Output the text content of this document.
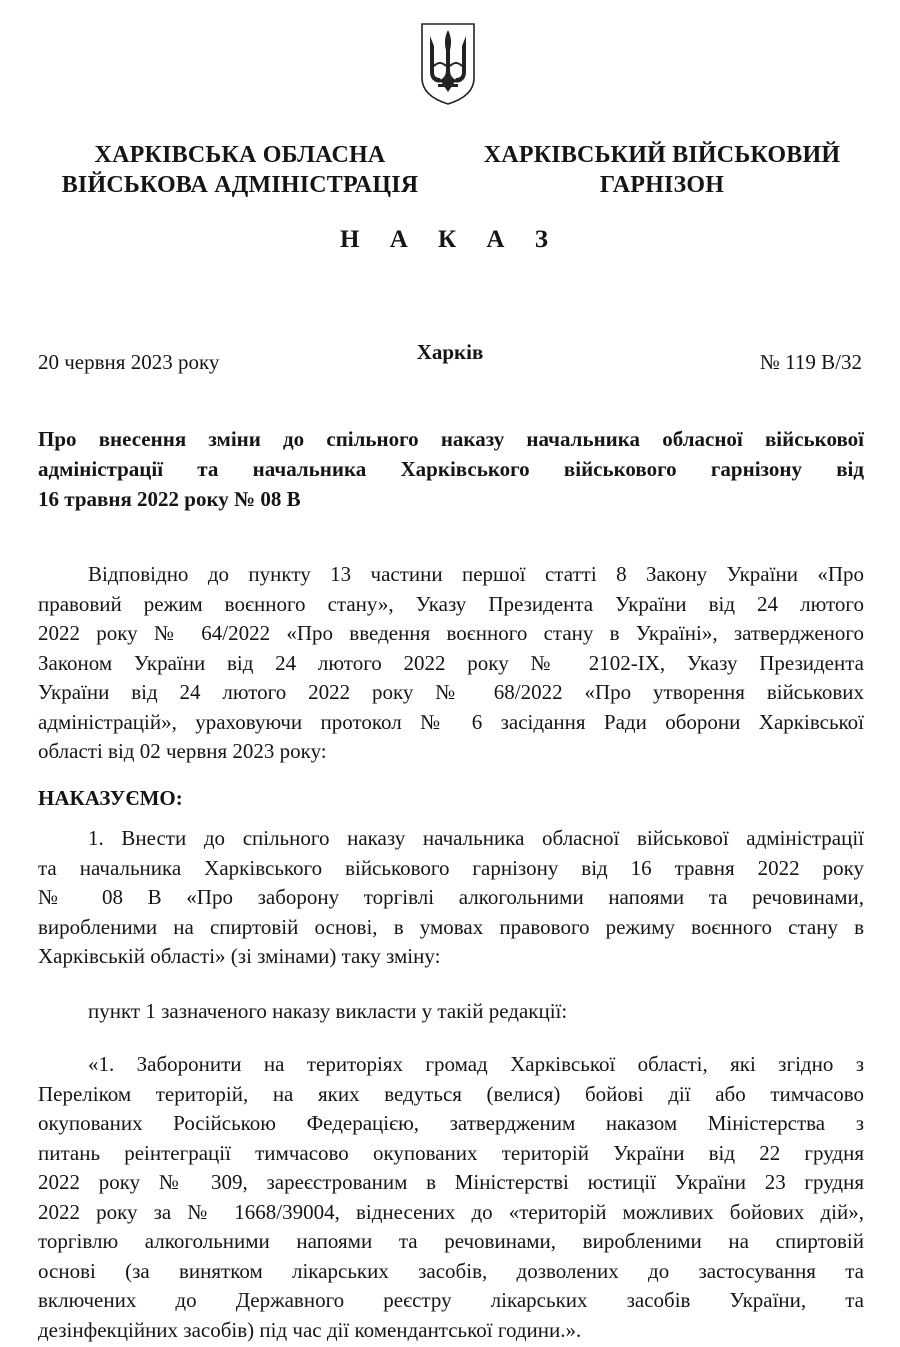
ХАРКІВСЬКА ОБЛАСНА
ВІЙСЬКОВА АДМІНІСТРАЦІЯ
ХАРКІВСЬКИЙ ВІЙСЬКОВИЙ
ГАРНІЗОН
Н А К А З
20 червня 2023 року	Харків	№ 119 В/32
Про внесення зміни до спільного наказу начальника обласної військової
адміністрації та начальника Харківського військового гарнізону від
16 травня 2022 року № 08 В
Відповідно до пункту 13 частини першої статті 8 Закону України «Про
правовий режим воєнного стану», Указу Президента України від 24 лютого
2022 року № 64/2022 «Про введення воєнного стану в Україні», затвердженого
Законом України від 24 лютого 2022 року № 2102-IX, Указу Президента
України від 24 лютого 2022 року № 68/2022 «Про утворення військових
адміністрацій», ураховуючи протокол № 6 засідання Ради оборони Харківської
області від 02 червня 2023 року:
НАКАЗУЄМО:
1. Внести до спільного наказу начальника обласної військової адміністрації
та начальника Харківського військового гарнізону від 16 травня 2022 року
№ 08 В «Про заборону торгівлі алкогольними напоями та речовинами,
виробленими на спиртовій основі, в умовах правового режиму воєнного стану в
Харківській області» (зі змінами) таку зміну:
пункт 1 зазначеного наказу викласти у такій редакції:
«1. Заборонити на територіях громад Харківської області, які згідно з
Переліком територій, на яких ведуться (велися) бойові дії або тимчасово
окупованих Російською Федерацією, затвердженим наказом Міністерства з
питань реінтеграції тимчасово окупованих територій України від 22 грудня
2022 року № 309, зареєстрованим в Міністерстві юстиції України 23 грудня
2022 року за № 1668/39004, віднесених до «територій можливих бойових дій»,
торгівлю алкогольними напоями та речовинами, виробленими на спиртовій
основі (за винятком лікарських засобів, дозволених до застосування та
включених до Державного реєстру лікарських засобів України, та
дезінфекційних засобів) під час дії комендантської години.».
